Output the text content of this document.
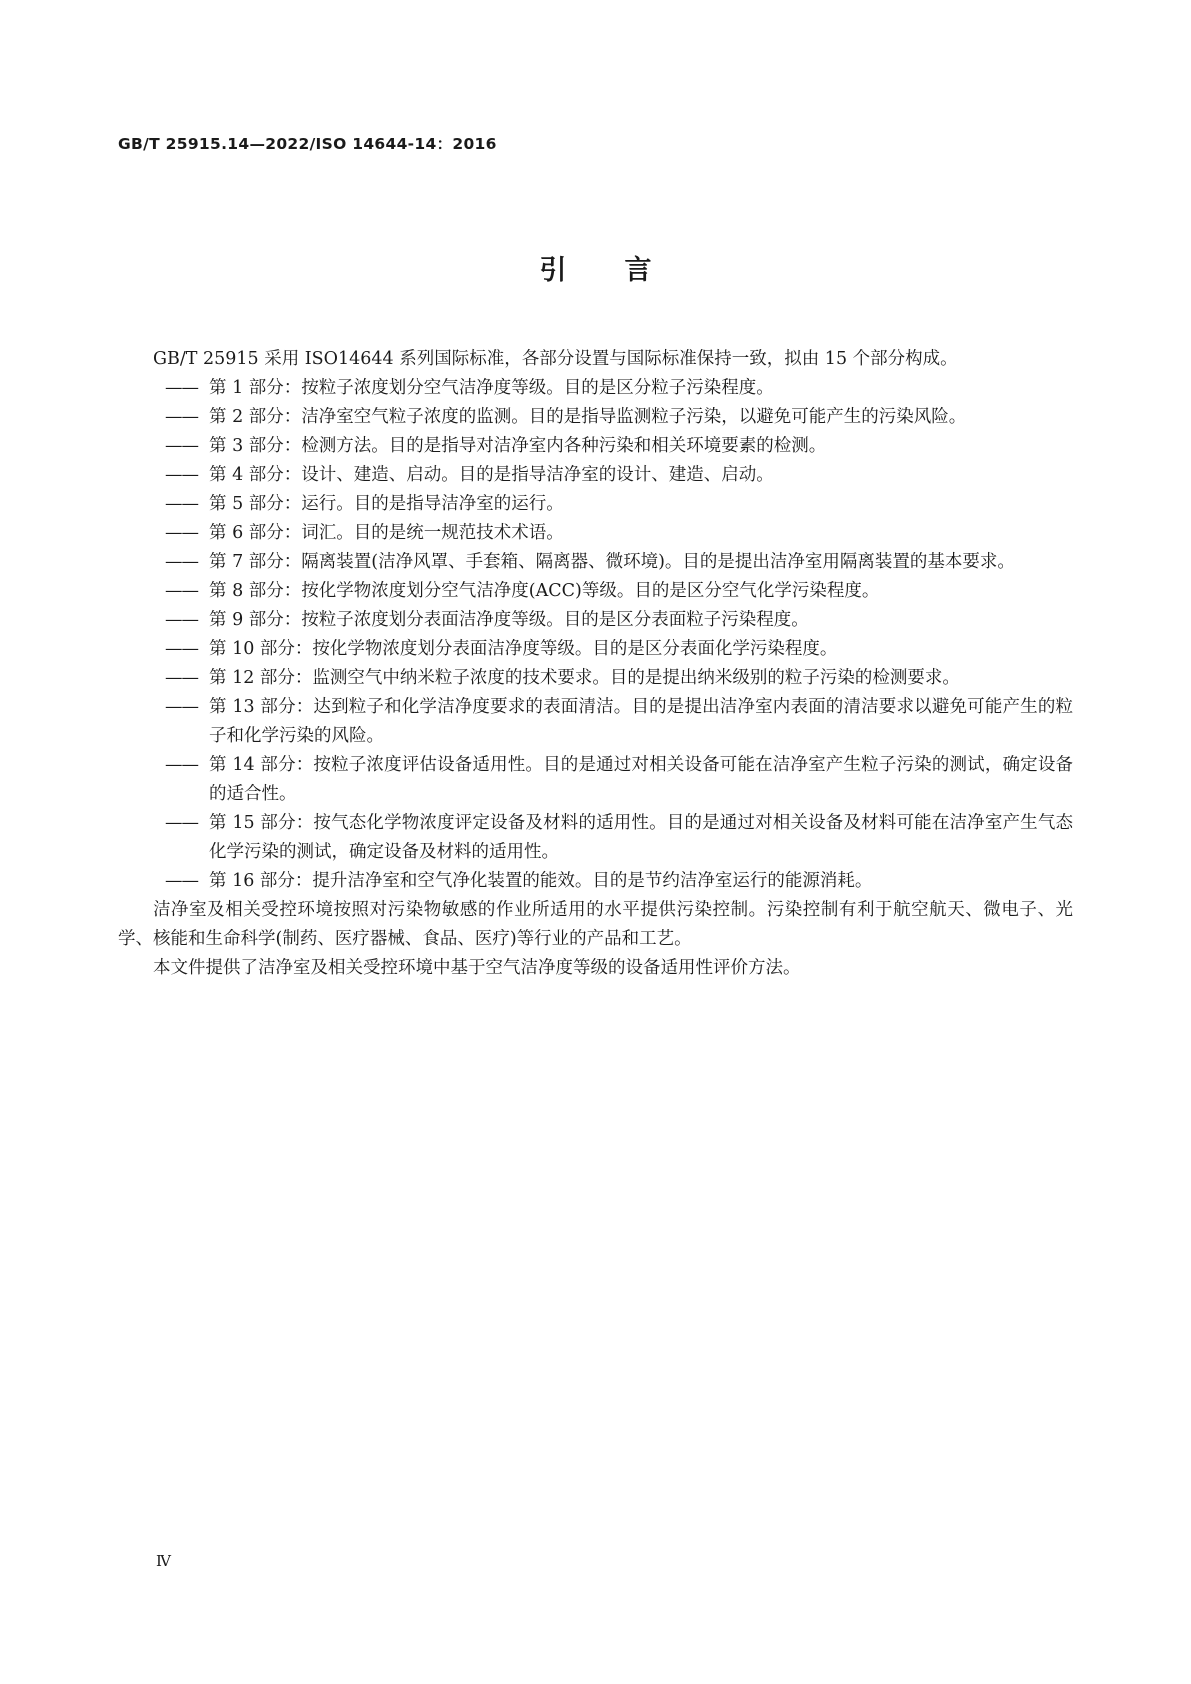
GB/T 25915.14—2022/ISO 14644-14：2016
引言

GB/T 25915 采用 ISO14644 系列国际标准，各部分设置与国际标准保持一致，拟由 15 个部分构成。

—— 第 1 部分：按粒子浓度划分空气洁净度等级。目的是区分粒子污染程度。
—— 第 2 部分：洁净室空气粒子浓度的监测。目的是指导监测粒子污染，以避免可能产生的污染风险。
—— 第 3 部分：检测方法。目的是指导对洁净室内各种污染和相关环境要素的检测。
—— 第 4 部分：设计、建造、启动。目的是指导洁净室的设计、建造、启动。
—— 第 5 部分：运行。目的是指导洁净室的运行。
—— 第 6 部分：词汇。目的是统一规范技术术语。
—— 第 7 部分：隔离装置(洁净风罩、手套箱、隔离器、微环境)。目的是提出洁净室用隔离装置的基本要求。
—— 第 8 部分：按化学物浓度划分空气洁净度(ACC)等级。目的是区分空气化学污染程度。
—— 第 9 部分：按粒子浓度划分表面洁净度等级。目的是区分表面粒子污染程度。
—— 第 10 部分：按化学物浓度划分表面洁净度等级。目的是区分表面化学污染程度。
—— 第 12 部分：监测空气中纳米粒子浓度的技术要求。目的是提出纳米级别的粒子污染的检测要求。
—— 第 13 部分：达到粒子和化学洁净度要求的表面清洁。目的是提出洁净室内表面的清洁要求以避免可能产生的粒子和化学污染的风险。
—— 第 14 部分：按粒子浓度评估设备适用性。目的是通过对相关设备可能在洁净室产生粒子污染的测试，确定设备的适合性。
—— 第 15 部分：按气态化学物浓度评定设备及材料的适用性。目的是通过对相关设备及材料可能在洁净室产生气态化学污染的测试，确定设备及材料的适用性。
—— 第 16 部分：提升洁净室和空气净化装置的能效。目的是节约洁净室运行的能源消耗。

洁净室及相关受控环境按照对污染物敏感的作业所适用的水平提供污染控制。污染控制有利于航空航天、微电子、光学、核能和生命科学(制药、医疗器械、食品、医疗)等行业的产品和工艺。

本文件提供了洁净室及相关受控环境中基于空气洁净度等级的设备适用性评价方法。

Ⅳ
